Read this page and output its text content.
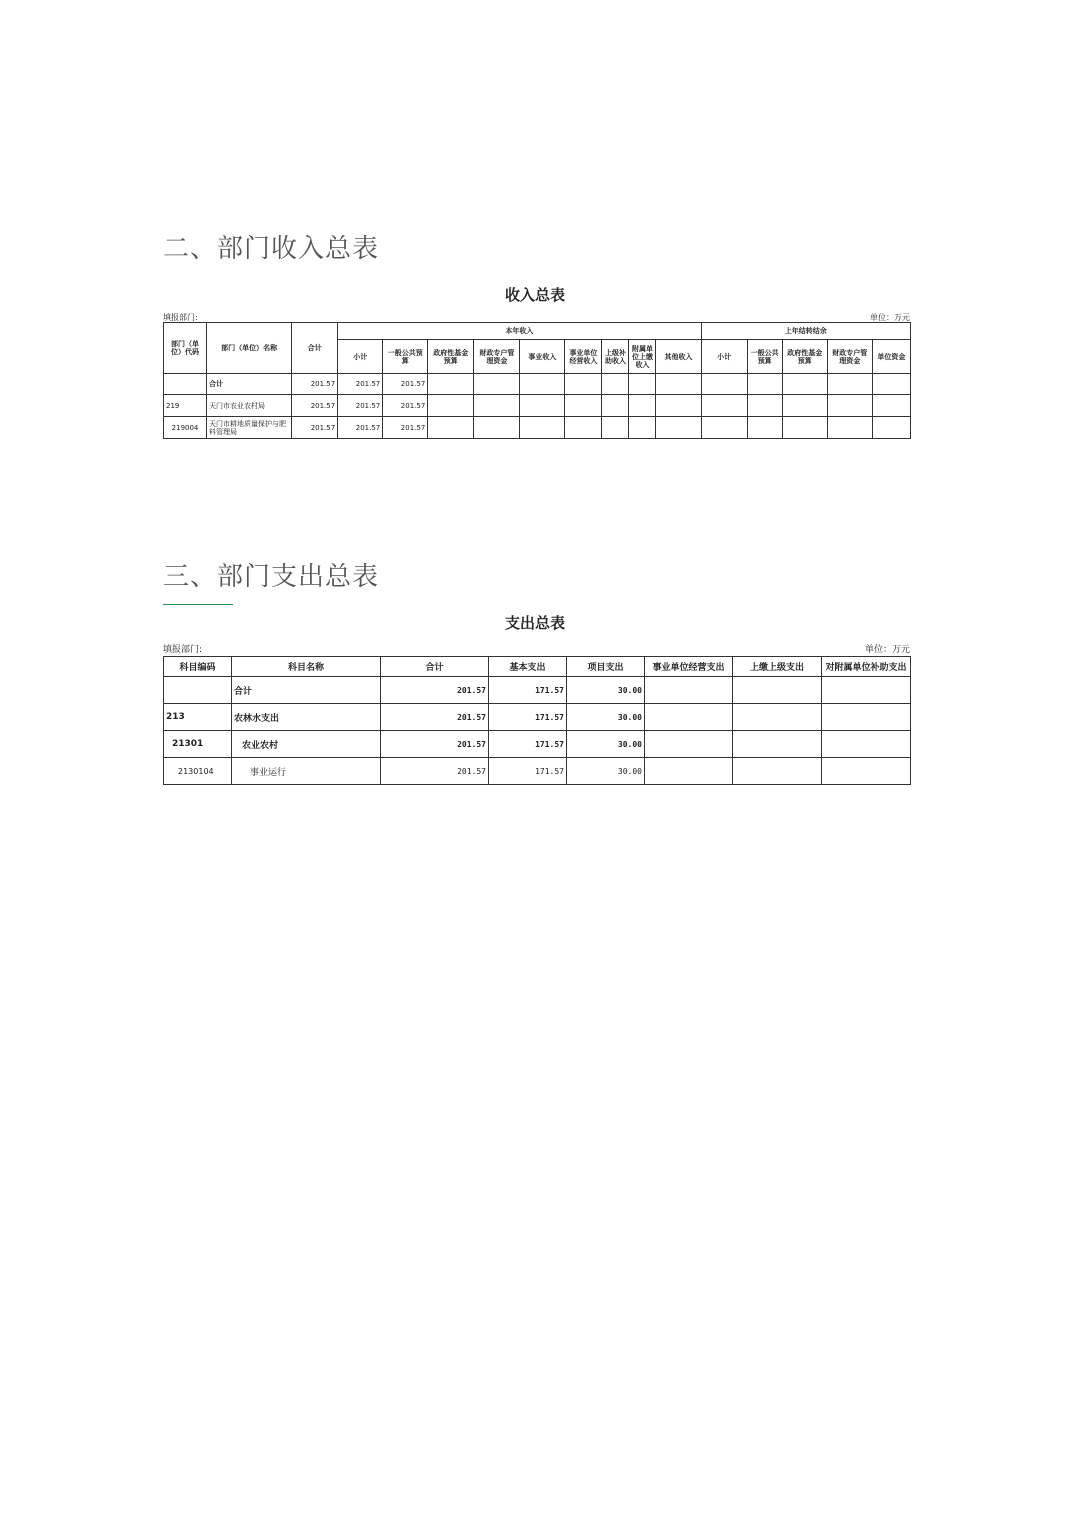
二、部门收入总表
收入总表
填报部门:	单位：万元
部门（单位）代码	部门（单位）名称	合计	本年收入									上年结转结余				
			小计	一般公共预算	政府性基金预算	财政专户管理资金	事业收入	事业单位经营收入	上级补助收入	附属单位上缴收入	其他收入	小计	一般公共预算	政府性基金预算	财政专户管理资金	单位资金
	合计	201.57	201.57	201.57												
219	天门市农业农村局	201.57	201.57	201.57												
219004	天门市耕地质量保护与肥料管理局	201.57	201.57	201.57												
三、部门支出总表
支出总表
填报部门:	单位：万元
科目编码	科目名称	合计	基本支出	项目支出	事业单位经营支出	上缴上级支出	对附属单位补助支出
	合计	201.57	171.57	30.00			
213	农林水支出	201.57	171.57	30.00			
21301	农业农村	201.57	171.57	30.00			
2130104	事业运行	201.57	171.57	30.00			
